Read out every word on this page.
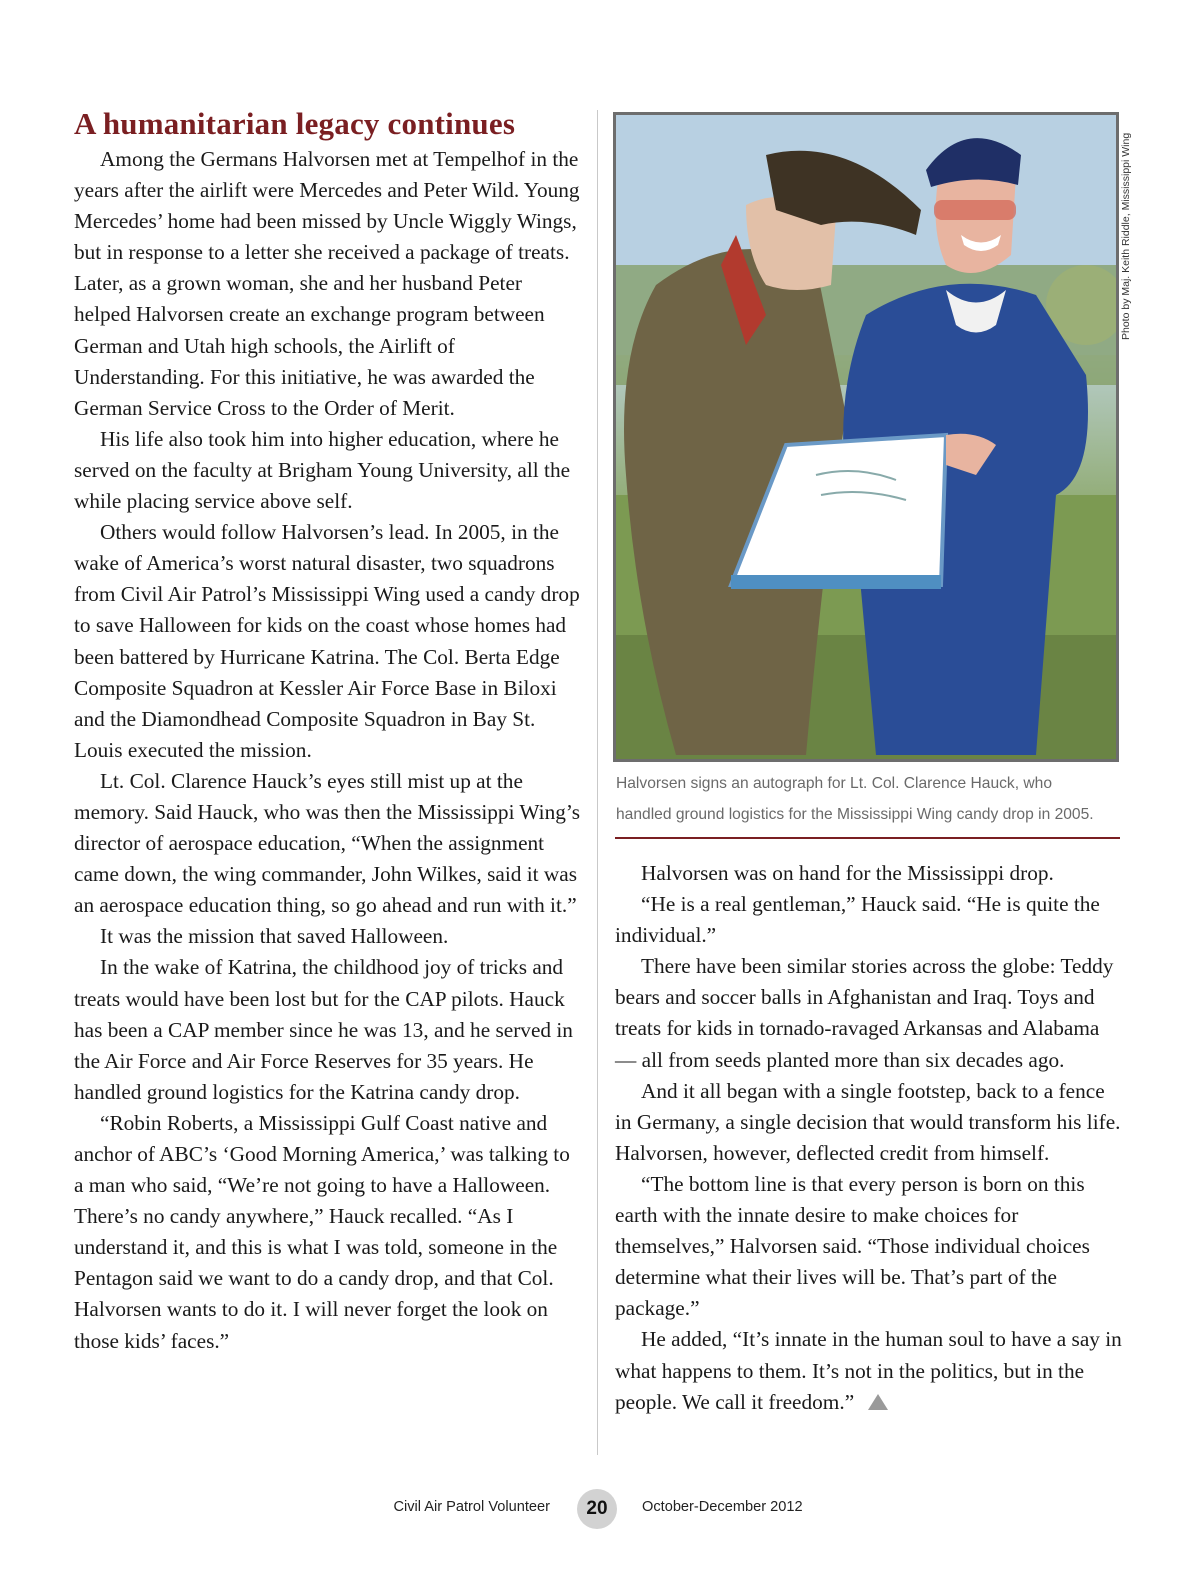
A humanitarian legacy continues

Among the Germans Halvorsen met at Tempelhof in the years after the airlift were Mercedes and Peter Wild. Young Mercedes’ home had been missed by Uncle Wiggly Wings, but in response to a letter she received a package of treats. Later, as a grown woman, she and her husband Peter helped Halvorsen create an exchange program between German and Utah high schools, the Airlift of Understanding. For this initiative, he was awarded the German Service Cross to the Order of Merit.

His life also took him into higher education, where he served on the faculty at Brigham Young University, all the while placing service above self.

Others would follow Halvorsen’s lead. In 2005, in the wake of America’s worst natural disaster, two squadrons from Civil Air Patrol’s Mississippi Wing used a candy drop to save Halloween for kids on the coast whose homes had been battered by Hurricane Katrina. The Col. Berta Edge Composite Squadron at Kessler Air Force Base in Biloxi and the Diamondhead Composite Squadron in Bay St. Louis executed the mission.

Lt. Col. Clarence Hauck’s eyes still mist up at the memory. Said Hauck, who was then the Mississippi Wing’s director of aerospace education, “When the assignment came down, the wing commander, John Wilkes, said it was an aerospace education thing, so go ahead and run with it.”

It was the mission that saved Halloween.

In the wake of Katrina, the childhood joy of tricks and treats would have been lost but for the CAP pilots. Hauck has been a CAP member since he was 13, and he served in the Air Force and Air Force Reserves for 35 years. He handled ground logistics for the Katrina candy drop.

“Robin Roberts, a Mississippi Gulf Coast native and anchor of ABC’s ‘Good Morning America,’ was talking to a man who said, “We’re not going to have a Halloween. There’s no candy anywhere,” Hauck recalled. “As I understand it, and this is what I was told, someone in the Pentagon said we want to do a candy drop, and that Col. Halvorsen wants to do it. I will never forget the look on those kids’ faces.”

Photo by Maj. Keith Riddle, Mississippi Wing
Halvorsen signs an autograph for Lt. Col. Clarence Hauck, who
handled ground logistics for the Mississippi Wing candy drop in 2005.

Halvorsen was on hand for the Mississippi drop.

“He is a real gentleman,” Hauck said. “He is quite the individual.”

There have been similar stories across the globe: Teddy bears and soccer balls in Afghanistan and Iraq. Toys and treats for kids in tornado-ravaged Arkansas and Alabama — all from seeds planted more than six decades ago.

And it all began with a single footstep, back to a fence in Germany, a single decision that would transform his life. Halvorsen, however, deflected credit from himself.

“The bottom line is that every person is born on this earth with the innate desire to make choices for themselves,” Halvorsen said. “Those individual choices determine what their lives will be. That’s part of the package.”

He added, “It’s innate in the human soul to have a say in what happens to them. It’s not in the politics, but in the people. We call it freedom.”

Civil Air Patrol Volunteer	20	October-December 2012
